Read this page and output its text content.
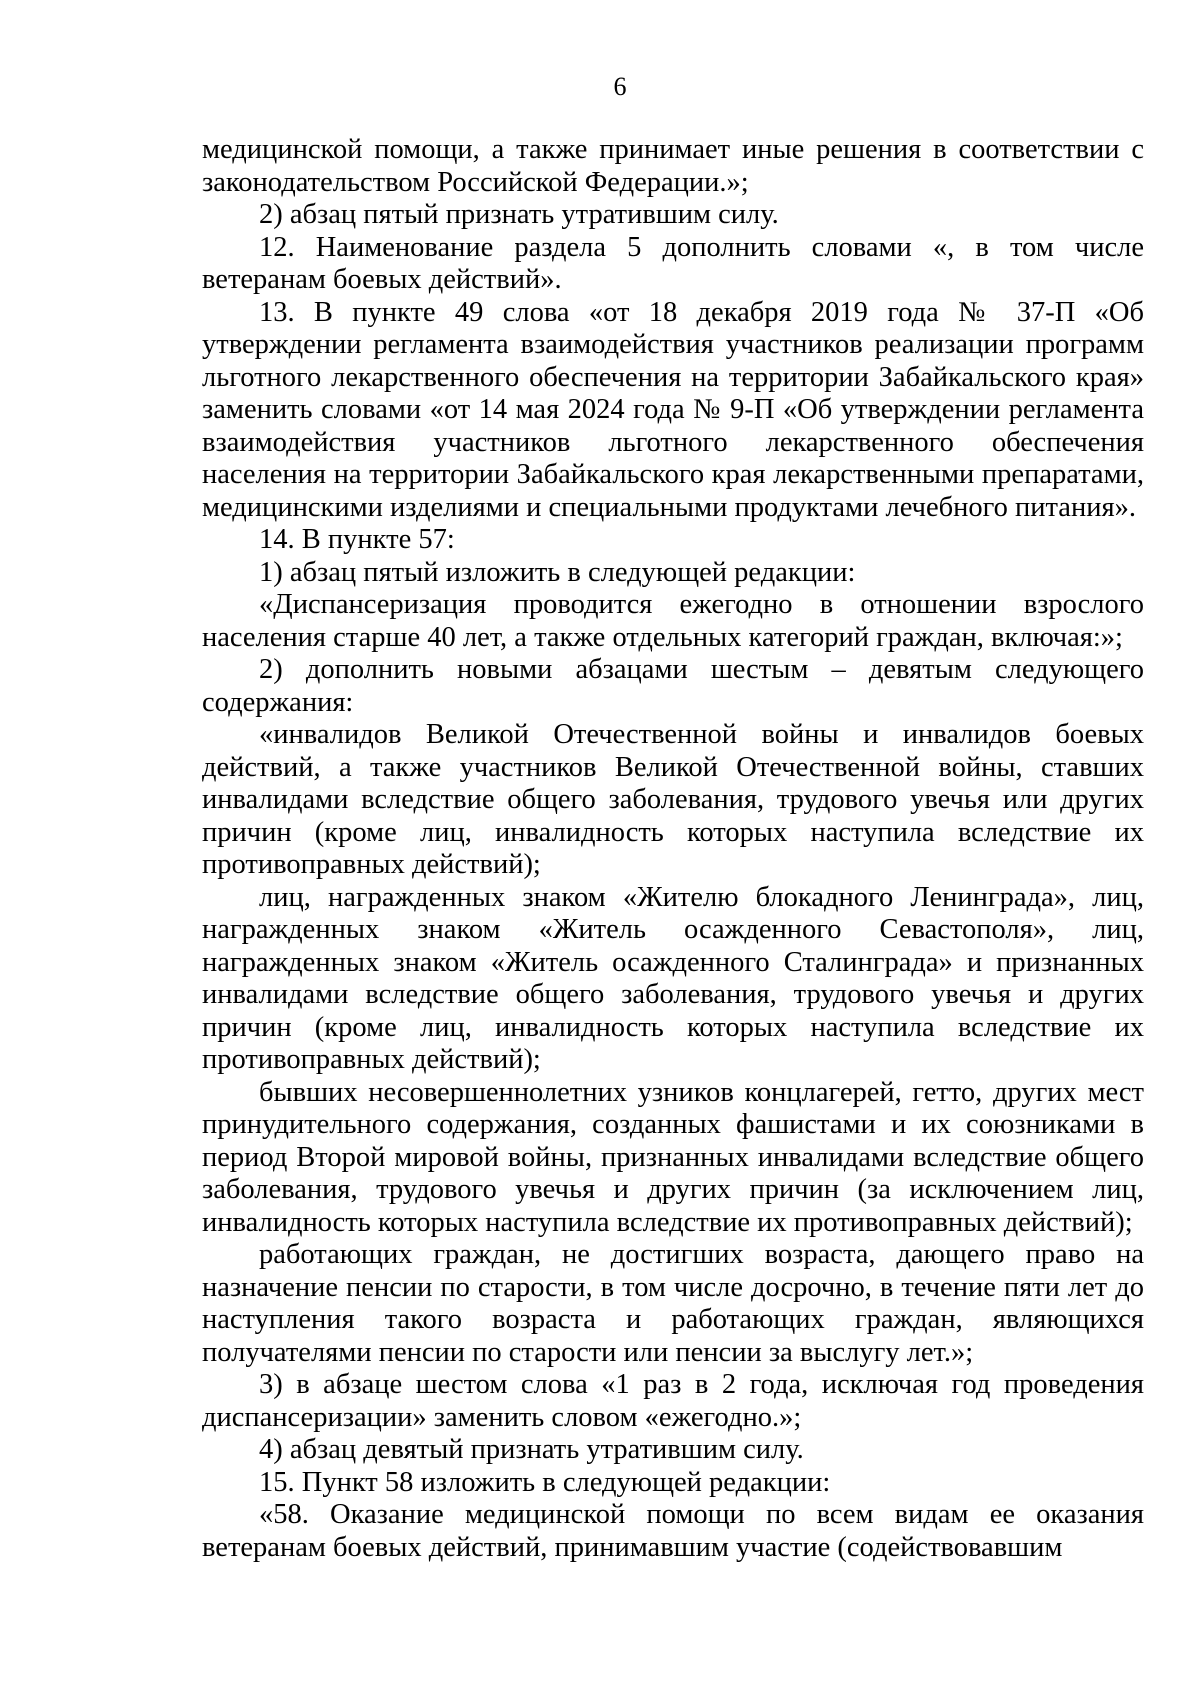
6

медицинской помощи, а также принимает иные решения в соответствии с законодательством Российской Федерации.»;

2) абзац пятый признать утратившим силу.

12. Наименование раздела 5 дополнить словами «, в том числе ветеранам боевых действий».

13. В пункте 49 слова «от 18 декабря 2019 года № 37-П «Об утверждении регламента взаимодействия участников реализации программ льготного лекарственного обеспечения на территории Забайкальского края» заменить словами «от 14 мая 2024 года № 9-П «Об утверждении регламента взаимодействия участников льготного лекарственного обеспечения населения на территории Забайкальского края лекарственными препаратами, медицинскими изделиями и специальными продуктами лечебного питания».

14. В пункте 57:

1) абзац пятый изложить в следующей редакции:

«Диспансеризация проводится ежегодно в отношении взрослого населения старше 40 лет, а также отдельных категорий граждан, включая:»;

2) дополнить новыми абзацами шестым – девятым следующего содержания:

«инвалидов Великой Отечественной войны и инвалидов боевых действий, а также участников Великой Отечественной войны, ставших инвалидами вследствие общего заболевания, трудового увечья или других причин (кроме лиц, инвалидность которых наступила вследствие их противоправных действий);

лиц, награжденных знаком «Жителю блокадного Ленинграда», лиц, награжденных знаком «Житель осажденного Севастополя», лиц, награжденных знаком «Житель осажденного Сталинграда» и признанных инвалидами вследствие общего заболевания, трудового увечья и других причин (кроме лиц, инвалидность которых наступила вследствие их противоправных действий);

бывших несовершеннолетних узников концлагерей, гетто, других мест принудительного содержания, созданных фашистами и их союзниками в период Второй мировой войны, признанных инвалидами вследствие общего заболевания, трудового увечья и других причин (за исключением лиц, инвалидность которых наступила вследствие их противоправных действий);

работающих граждан, не достигших возраста, дающего право на назначение пенсии по старости, в том числе досрочно, в течение пяти лет до наступления такого возраста и работающих граждан, являющихся получателями пенсии по старости или пенсии за выслугу лет.»;

3) в абзаце шестом слова «1 раз в 2 года, исключая год проведения диспансеризации» заменить словом «ежегодно.»;

4) абзац девятый признать утратившим силу.

15. Пункт 58 изложить в следующей редакции:

«58. Оказание медицинской помощи по всем видам ее оказания ветеранам боевых действий, принимавшим участие (содействовавшим
